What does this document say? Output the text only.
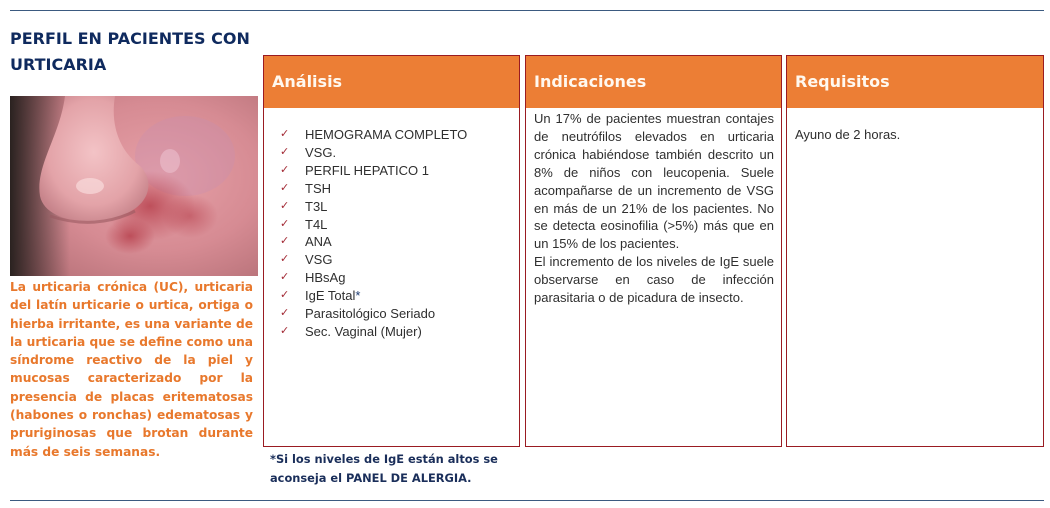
PERFIL EN PACIENTES CON URTICARIA

La urticaria crónica (UC), urticaria del latín urticarie o urtica, ortiga o hierba irritante, es una variante de la urticaria que se define como una síndrome reactivo de la piel y mucosas caracterizado por la presencia de placas eritematosas (habones o ronchas) edematosas y pruriginosas que brotan durante más de seis semanas.

Análisis
✓	HEMOGRAMA COMPLETO
✓	VSG.
✓	PERFIL HEPATICO 1
✓	TSH
✓	T3L
✓	T4L
✓	ANA
✓	VSG
✓	HBsAg
✓	IgE Total *
✓	Parasitológico Seriado
✓	Sec. Vaginal (Mujer)
Indicaciones

Un 17% de pacientes muestran contajes de neutrófilos elevados en urticaria crónica habiéndose también descrito un 8% de niños con leucopenia. Suele acompañarse de un incremento de VSG en más de un 21% de los pacientes. No se detecta eosinofilia (>5%) más que en un 15% de los pacientes.

El incremento de los niveles de IgE suele observarse en caso de infección parasitaria o de picadura de insecto.

Requisitos

Ayuno de 2 horas.

*Si los niveles de IgE están altos se aconseja el PANEL DE ALERGIA.
